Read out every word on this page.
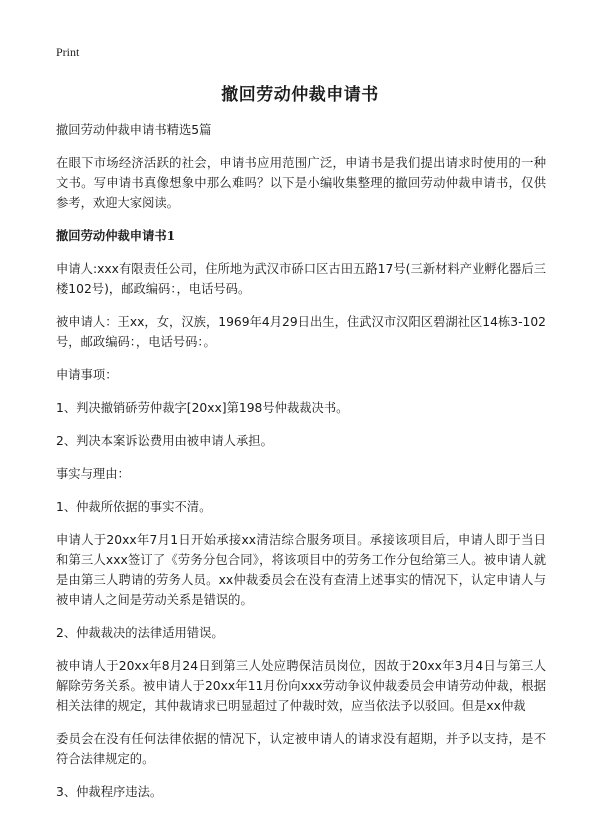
Print
撤回劳动仲裁申请书

撤回劳动仲裁申请书精选5篇

在眼下市场经济活跃的社会，申请书应用范围广泛，申请书是我们提出请求时使用的一种文书。写申请书真像想象中那么难吗？以下是小编收集整理的撤回劳动仲裁申请书，仅供参考，欢迎大家阅读。

撤回劳动仲裁申请书1

申请人:xxx有限责任公司，住所地为武汉市硚口区古田五路17号(三新材料产业孵化器后三楼102号)，邮政编码：，电话号码。

被申请人：王xx，女，汉族，1969年4月29日出生，住武汉市汉阳区碧湖社区14栋3-102号，邮政编码：，电话号码：。

申请事项：

1、判决撤销硚劳仲裁字[20xx]第198号仲裁裁决书。

2、判决本案诉讼费用由被申请人承担。

事实与理由：

1、仲裁所依据的事实不清。

申请人于20xx年7月1日开始承接xx清洁综合服务项目。承接该项目后，申请人即于当日和第三人xxx签订了《劳务分包合同》，将该项目中的劳务工作分包给第三人。被申请人就是由第三人聘请的劳务人员。xx仲裁委员会在没有查清上述事实的情况下，认定申请人与被申请人之间是劳动关系是错误的。

2、仲裁裁决的法律适用错误。

被申请人于20xx年8月24日到第三人处应聘保洁员岗位，因故于20xx年3月4日与第三人解除劳务关系。被申请人于20xx年11月份向xxx劳动争议仲裁委员会申请劳动仲裁，根据相关法律的规定，其仲裁请求已明显超过了仲裁时效，应当依法予以驳回。但是xx仲裁

委员会在没有任何法律依据的情况下，认定被申请人的请求没有超期，并予以支持，是不符合法律规定的。

3、仲裁程序违法。
